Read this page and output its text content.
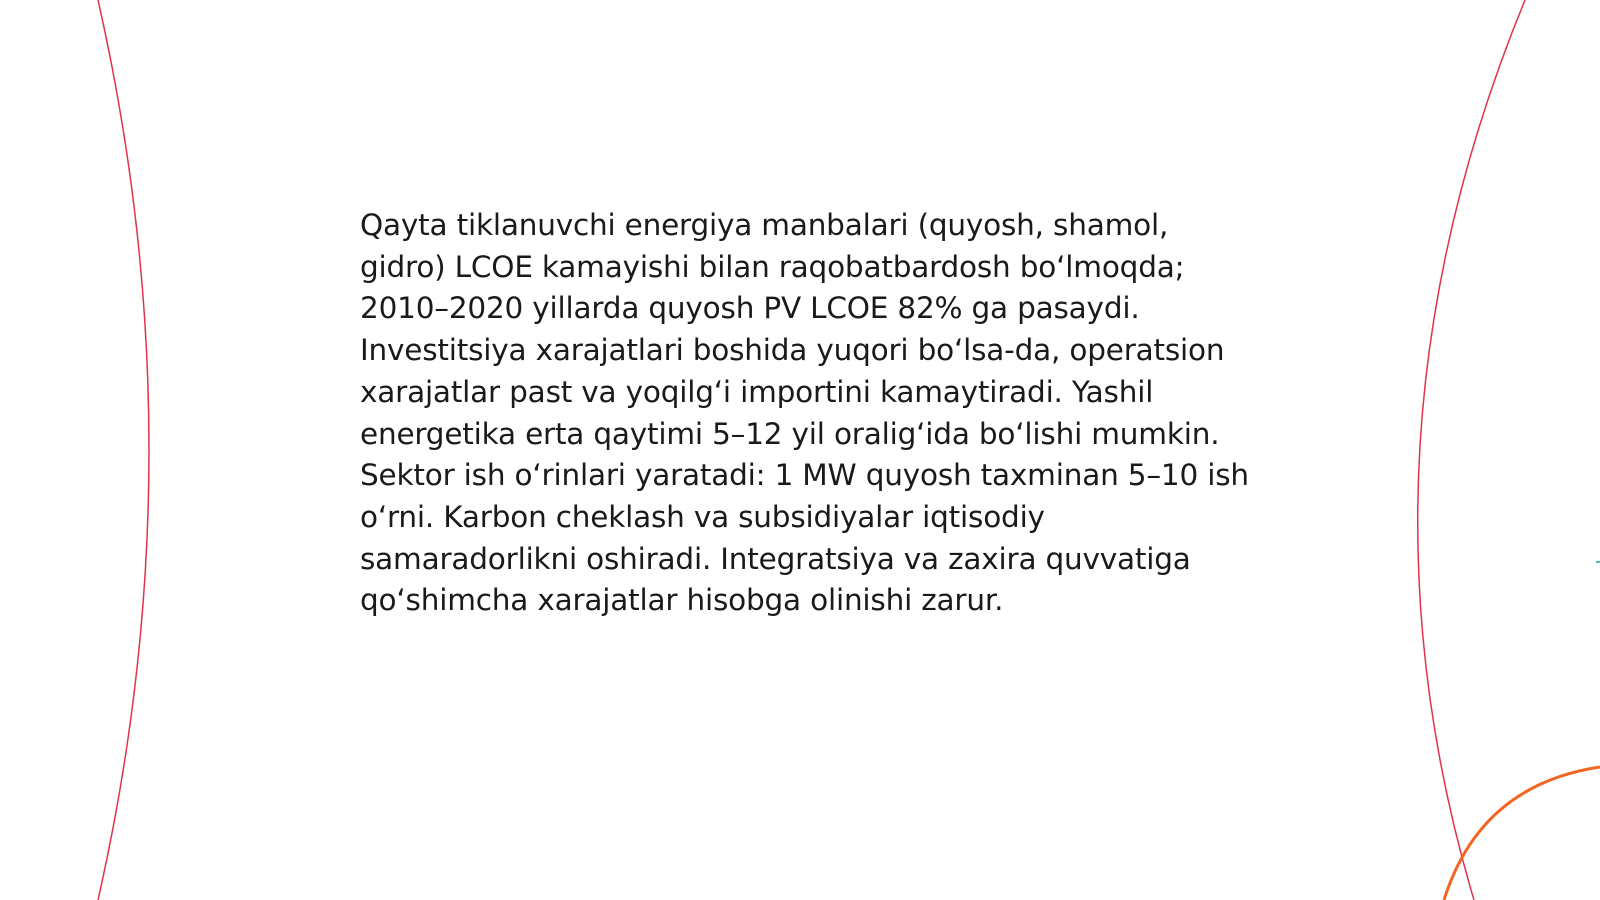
Qayta tiklanuvchi energiya manbalari (quyosh, shamol, gidro) LCOE kamayishi bilan raqobatbardosh boʻlmoqda; 2010–2020 yillarda quyosh PV LCOE 82% ga pasaydi. Investitsiya xarajatlari boshida yuqori boʻlsa-da, operatsion xarajatlar past va yoqilgʻi importini kamaytiradi. Yashil energetika erta qaytimi 5–12 yil oraligʻida boʻlishi mumkin. Sektor ish oʻrinlari yaratadi: 1 MW quyosh taxminan 5–10 ish oʻrni. Karbon cheklash va subsidiyalar iqtisodiy samaradorlikni oshiradi. Integratsiya va zaxira quvvatiga qoʻshimcha xarajatlar hisobga olinishi zarur.
